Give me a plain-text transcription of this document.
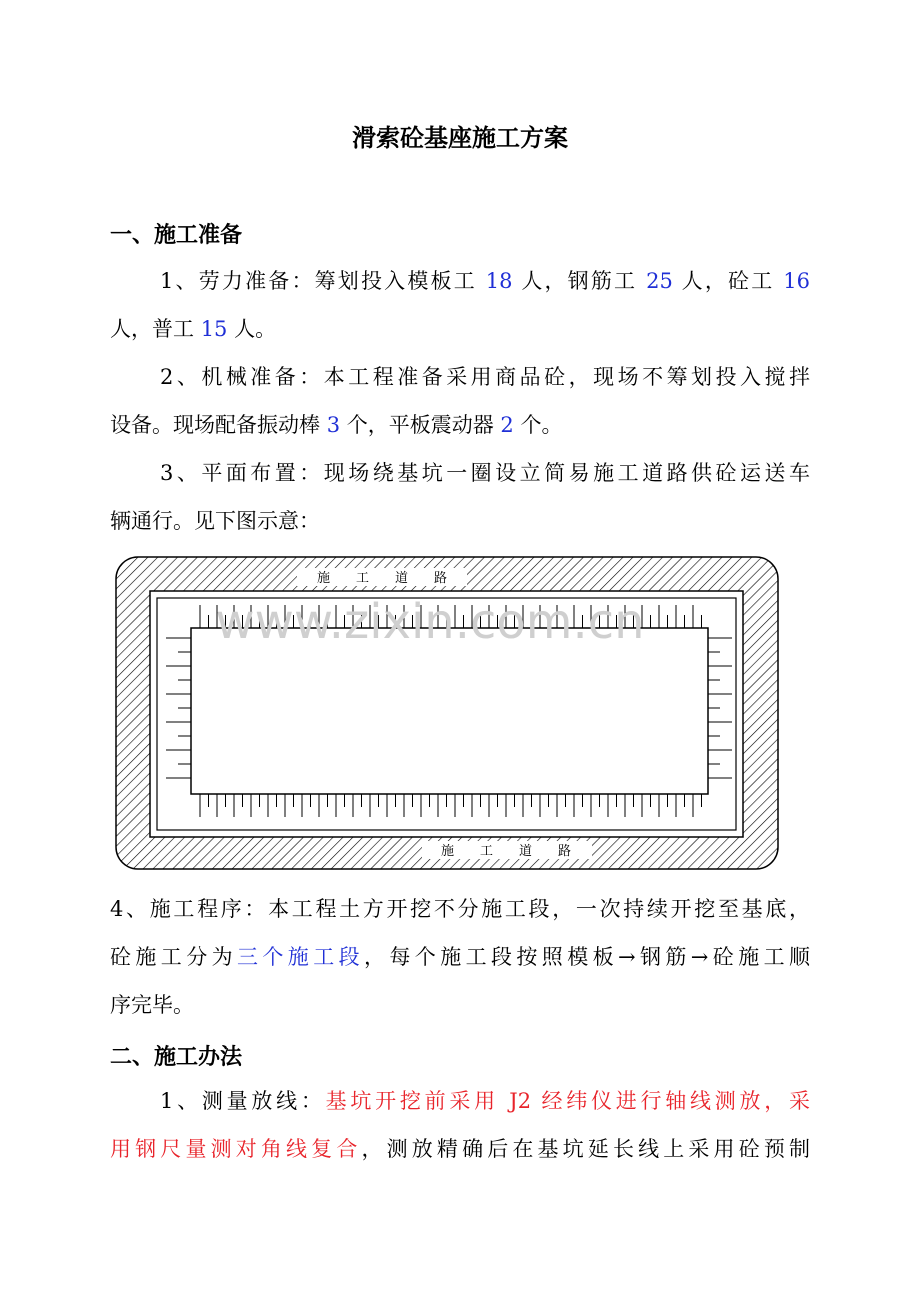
滑索砼基座施工方案
一、施工准备
1、劳力准备：筹划投入模板工 18 人，钢筋工 25 人，砼工 16
人，普工 15 人。
2、机械准备：本工程准备采用商品砼，现场不筹划投入搅拌
设备。现场配备振动棒 3 个，平板震动器 2 个。
3、平面布置：现场绕基坑一圈设立简易施工道路供砼运送车
辆通行。见下图示意：
www.zixin.com.cn
施　　工　　道　　路
施　　工　　道　　路
4、施工程序：本工程土方开挖不分施工段，一次持续开挖至基底，
砼施工分为三个施工段，每个施工段按照模板→钢筋→砼施工顺
序完毕。
二、施工办法
1、测量放线：基坑开挖前采用 J2 经纬仪进行轴线测放，采
用钢尺量测对角线复合，测放精确后在基坑延长线上采用砼预制
